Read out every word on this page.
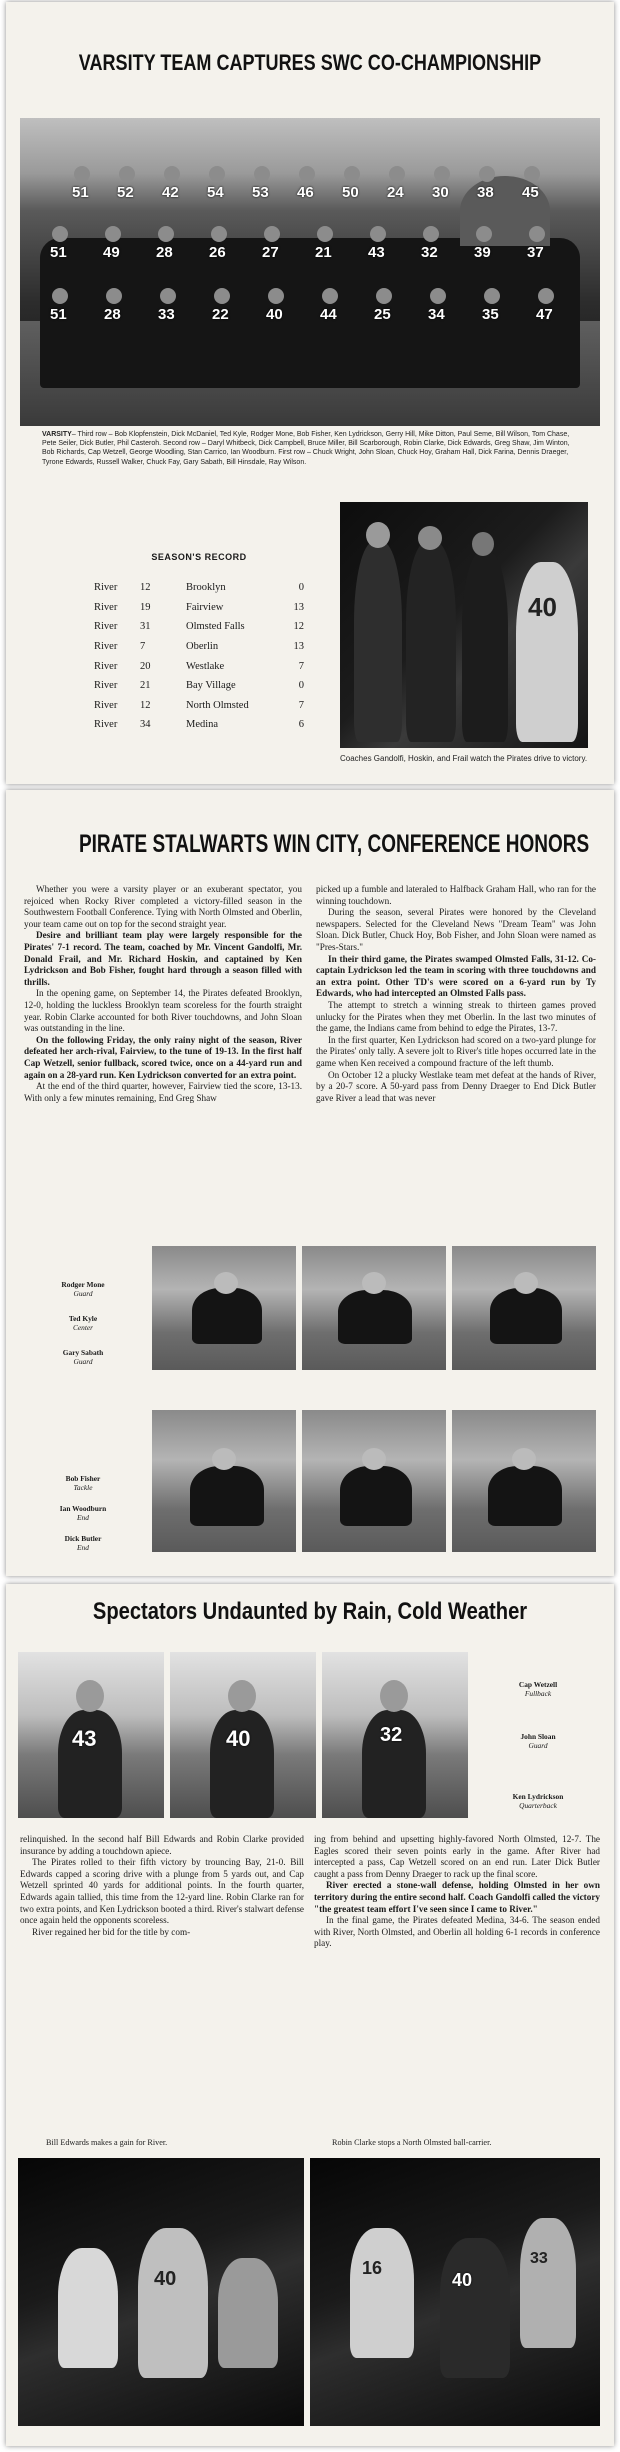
VARSITY TEAM CAPTURES SWC CO-CHAMPIONSHIP
51 52 42 54 53 46 50 24 30 38 45
51 49 28 26 27 21 43 32 39 37
51 28 33 22 40 44 25 34 35 47
VARSITY– Third row – Bob Klopfenstein, Dick McDaniel, Ted Kyle, Rodger Mone, Bob Fisher, Ken Lydrickson, Gerry Hill, Mike Ditton, Paul Seme, Bill Wilson, Tom Chase, Pete Seiler, Dick Butler, Phil Casteroh. Second row – Daryl Whitbeck, Dick Campbell, Bruce Miller, Bill Scarborough, Robin Clarke, Dick Edwards, Greg Shaw, Jim Winton, Bob Richards, Cap Wetzell, George Woodling, Stan Carrico, Ian Woodburn. First row – Chuck Wright, John Sloan, Chuck Hoy, Graham Hall, Dick Farina, Dennis Draeger, Tyrone Edwards, Russell Walker, Chuck Fay, Gary Sabath, Bill Hinsdale, Ray Wilson.
SEASON'S RECORD
River	12	Brooklyn	0
River	19	Fairview	13
River	31	Olmsted Falls	12
River	7	Oberlin	13
River	20	Westlake	7
River	21	Bay Village	0
River	12	North Olmsted	7
River	34	Medina	6
40
Coaches Gandolfi, Hoskin, and Frail watch the Pirates drive to victory.
PIRATE STALWARTS WIN CITY, CONFERENCE HONORS

Whether you were a varsity player or an exuberant spectator, you rejoiced when Rocky River completed a victory-filled season in the Southwestern Football Conference. Tying with North Olmsted and Oberlin, your team came out on top for the second straight year.

Desire and brilliant team play were largely responsible for the Pirates' 7-1 record. The team, coached by Mr. Vincent Gandolfi, Mr. Donald Frail, and Mr. Richard Hoskin, and captained by Ken Lydrickson and Bob Fisher, fought hard through a season filled with thrills.

In the opening game, on September 14, the Pirates defeated Brooklyn, 12-0, holding the luckless Brooklyn team scoreless for the fourth straight year. Robin Clarke accounted for both River touchdowns, and John Sloan was outstanding in the line.

On the following Friday, the only rainy night of the season, River defeated her arch-rival, Fairview, to the tune of 19-13. In the first half Cap Wetzell, senior fullback, scored twice, once on a 44-yard run and again on a 28-yard run. Ken Lydrickson converted for an extra point.

At the end of the third quarter, however, Fairview tied the score, 13-13. With only a few minutes remaining, End Greg Shaw

picked up a fumble and lateraled to Halfback Graham Hall, who ran for the winning touchdown.

During the season, several Pirates were honored by the Cleveland newspapers. Selected for the Cleveland News "Dream Team" was John Sloan. Dick Butler, Chuck Hoy, Bob Fisher, and John Sloan were named as "Pres-Stars."

In their third game, the Pirates swamped Olmsted Falls, 31-12. Co-captain Lydrickson led the team in scoring with three touchdowns and an extra point. Other TD's were scored on a 6-yard run by Ty Edwards, who had intercepted an Olmsted Falls pass.

The attempt to stretch a winning streak to thirteen games proved unlucky for the Pirates when they met Oberlin. In the last two minutes of the game, the Indians came from behind to edge the Pirates, 13-7.

In the first quarter, Ken Lydrickson had scored on a two-yard plunge for the Pirates' only tally. A severe jolt to River's title hopes occurred late in the game when Ken received a compound fracture of the left thumb.

On October 12 a plucky Westlake team met defeat at the hands of River, by a 20-7 score. A 50-yard pass from Denny Draeger to End Dick Butler gave River a lead that was never

Rodger Mone
Guard
Ted Kyle
Center
Gary Sabath
Guard
Bob Fisher
Tackle
Ian Woodburn
End
Dick Butler
End
Spectators Undaunted by Rain, Cold Weather
43	40	32
Cap Wetzell
Fullback
John Sloan
Guard
Ken Lydrickson
Quarterback

relinquished. In the second half Bill Edwards and Robin Clarke provided insurance by adding a touchdown apiece.

The Pirates rolled to their fifth victory by trouncing Bay, 21-0. Bill Edwards capped a scoring drive with a plunge from 5 yards out, and Cap Wetzell sprinted 40 yards for additional points. In the fourth quarter, Edwards again tallied, this time from the 12-yard line. Robin Clarke ran for two extra points, and Ken Lydrickson booted a third. River's stalwart defense once again held the opponents scoreless.

River regained her bid for the title by com-

ing from behind and upsetting highly-favored North Olmsted, 12-7. The Eagles scored their seven points early in the game. After River had intercepted a pass, Cap Wetzell scored on an end run. Later Dick Butler caught a pass from Denny Draeger to rack up the final score.

River erected a stone-wall defense, holding Olmsted in her own territory during the entire second half. Coach Gandolfi called the victory "the greatest team effort I've seen since I came to River."

In the final game, the Pirates defeated Medina, 34-6. The season ended with River, North Olmsted, and Oberlin all holding 6-1 records in conference play.

Bill Edwards makes a gain for River.	Robin Clarke stops a North Olmsted ball-carrier.
40	16
40
33
